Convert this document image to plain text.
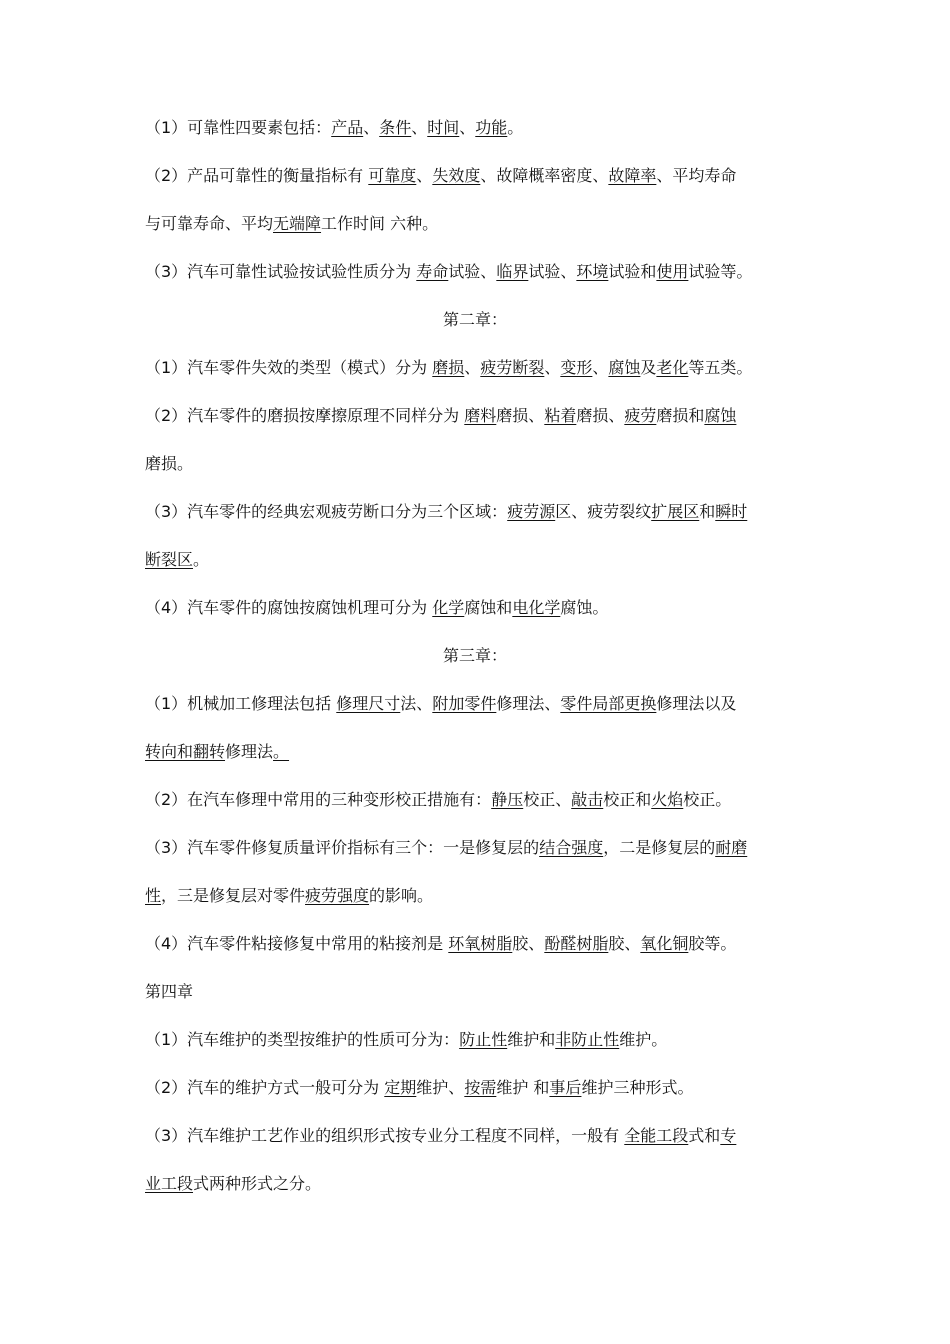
（1）可靠性四要素包括：产品、条件、时间、功能。
（2）产品可靠性的衡量指标有 可靠度、失效度、故障概率密度、故障率、平均寿命
与可靠寿命、平均无端障工作时间 六种。
（3）汽车可靠性试验按试验性质分为 寿命试验、临界试验、环境试验和使用试验等。
第二章：
（1）汽车零件失效的类型（模式）分为 磨损、疲劳断裂、变形、腐蚀及老化等五类。
（2）汽车零件的磨损按摩擦原理不同样分为 磨料磨损、粘着磨损、疲劳磨损和腐蚀
磨损。
（3）汽车零件的经典宏观疲劳断口分为三个区域：疲劳源区、疲劳裂纹扩展区和瞬时
断裂区。
（4）汽车零件的腐蚀按腐蚀机理可分为 化学腐蚀和电化学腐蚀。
第三章：
（1）机械加工修理法包括 修理尺寸法、附加零件修理法、零件局部更换修理法以及
转向和翻转修理法。
（2）在汽车修理中常用的三种变形校正措施有：静压校正、敲击校正和火焰校正。
（3）汽车零件修复质量评价指标有三个：一是修复层的结合强度，二是修复层的耐磨
性，三是修复层对零件疲劳强度的影响。
（4）汽车零件粘接修复中常用的粘接剂是 环氧树脂胶、酚醛树脂胶、氧化铜胶等。
第四章
（1）汽车维护的类型按维护的性质可分为：防止性维护和非防止性维护。
（2）汽车的维护方式一般可分为 定期维护、按需维护 和事后维护三种形式。
（3）汽车维护工艺作业的组织形式按专业分工程度不同样，一般有 全能工段式和专
业工段式两种形式之分。
